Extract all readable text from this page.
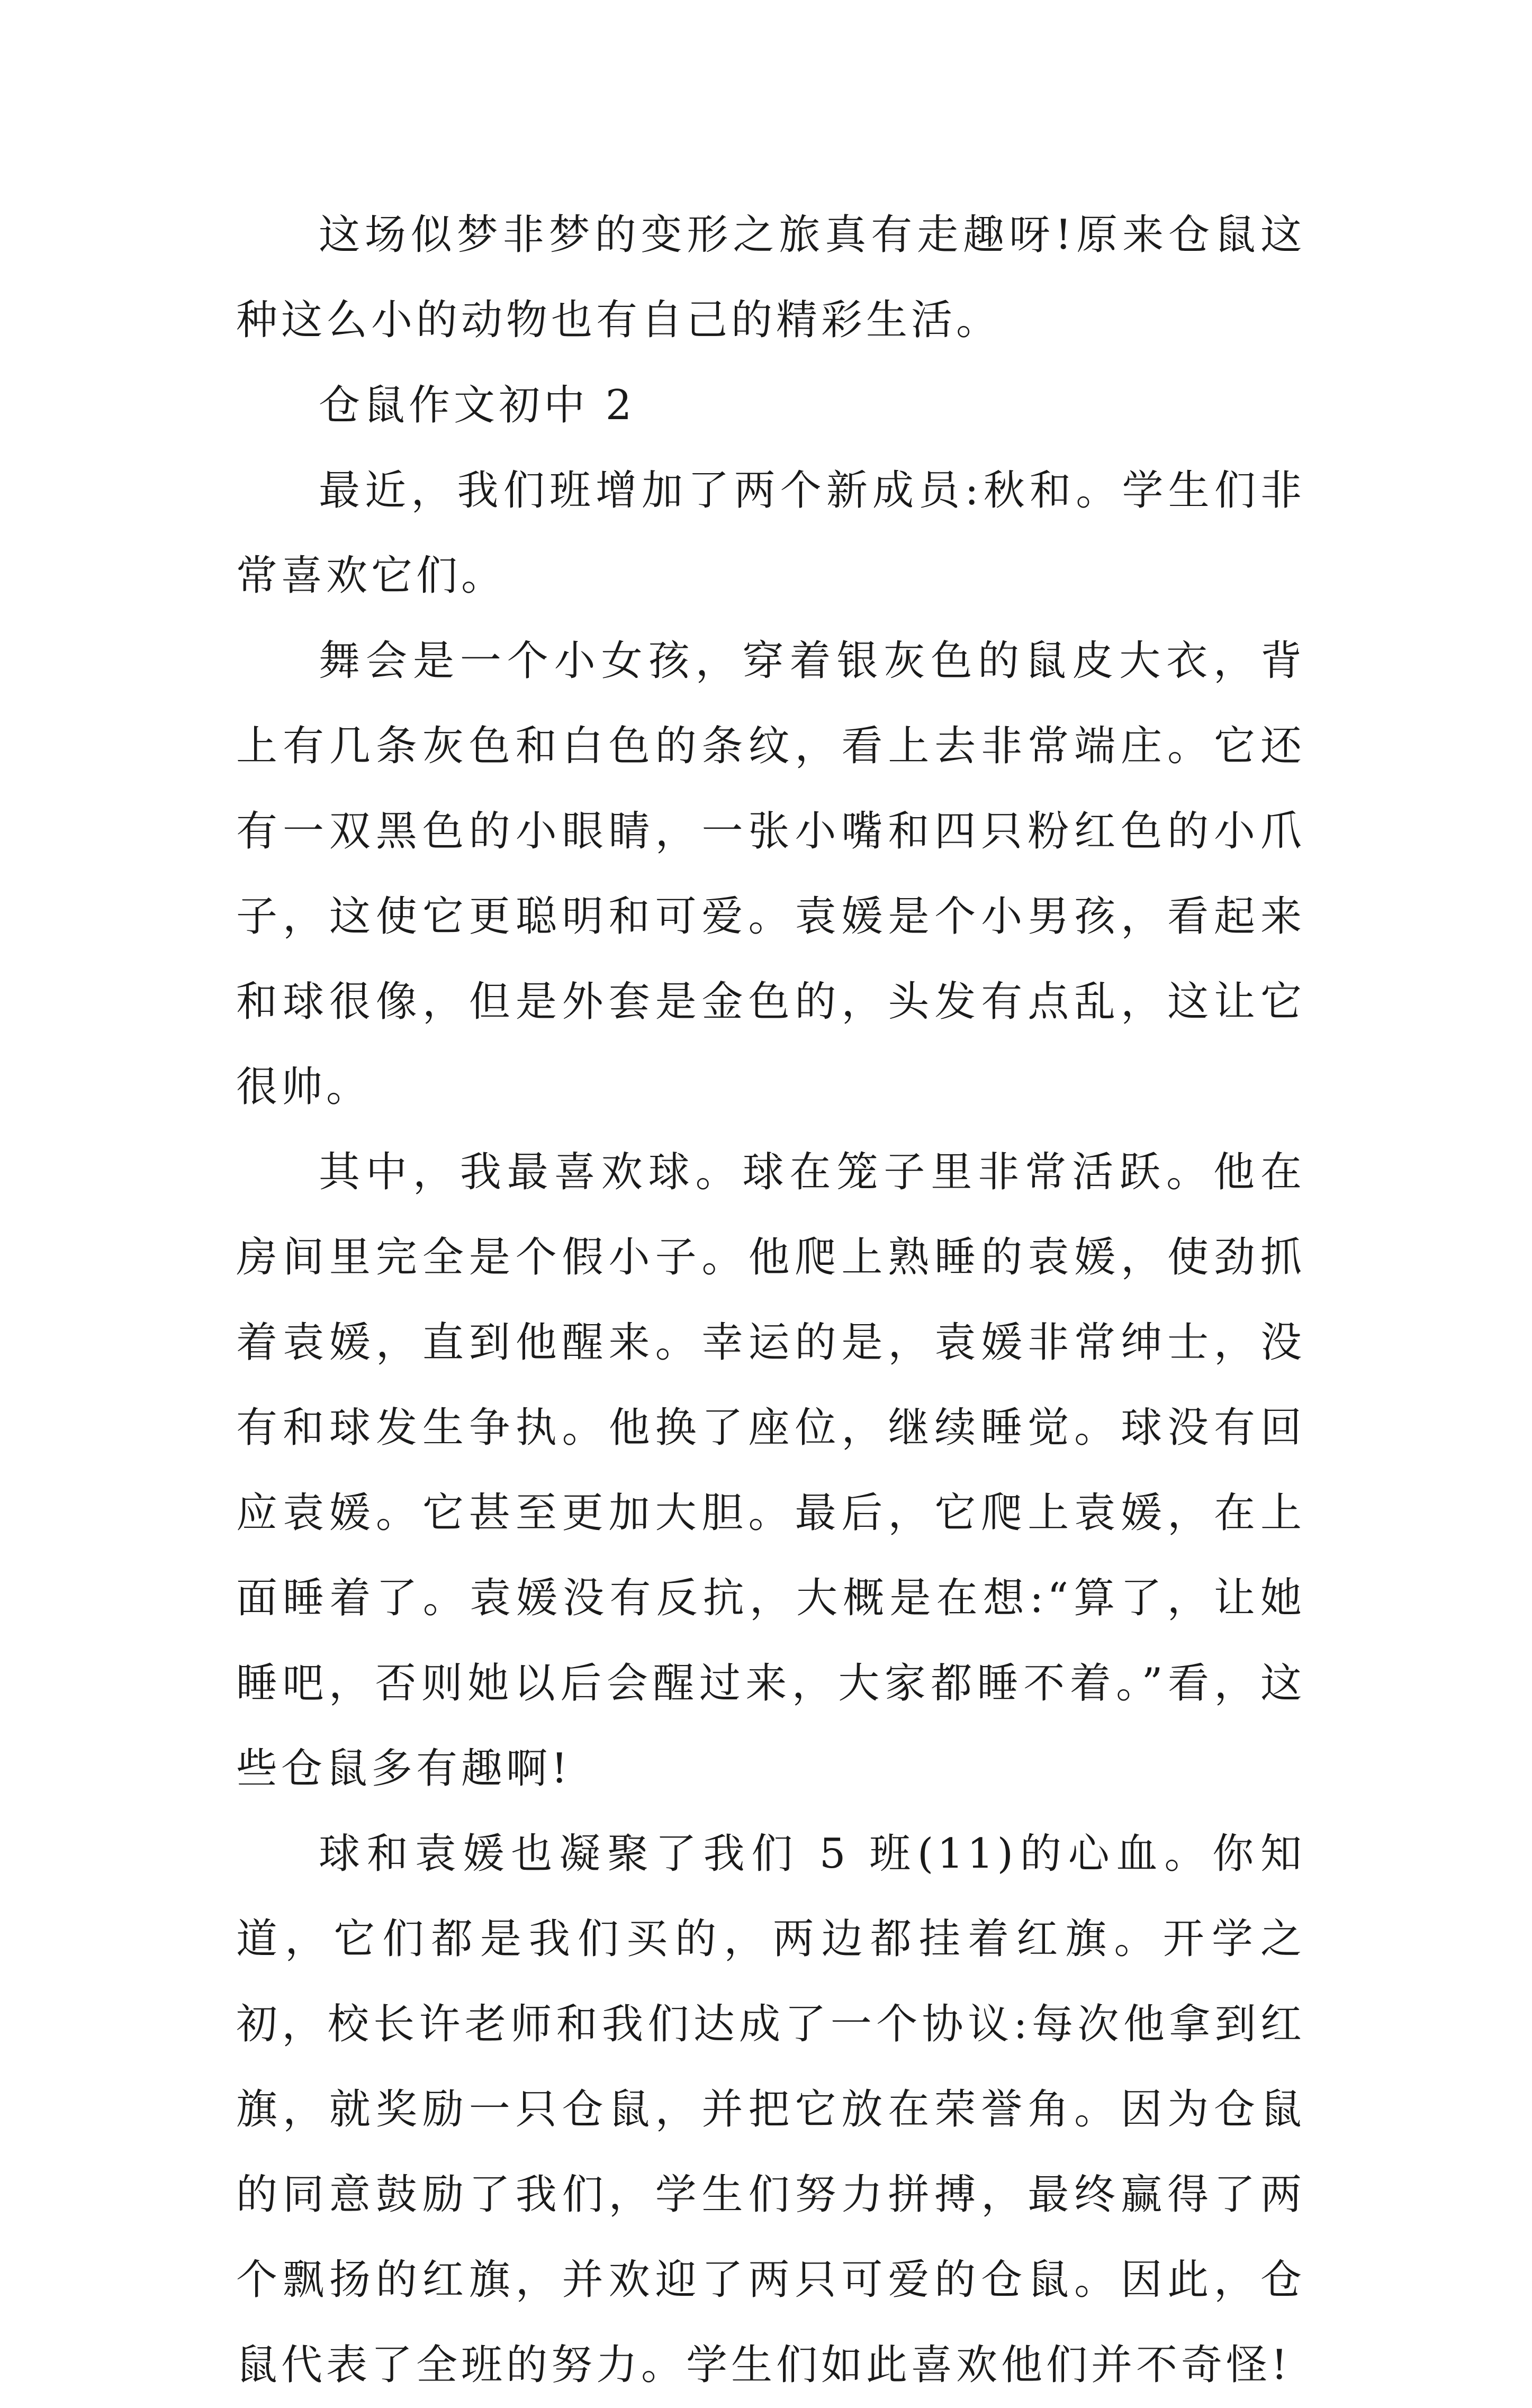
这场似梦非梦的变形之旅真有走趣呀!原来仓鼠这种这么小的动物也有自己的精彩生活。

仓鼠作文初中 2

最近，我们班增加了两个新成员:秋和。学生们非常喜欢它们。

舞会是一个小女孩，穿着银灰色的鼠皮大衣，背上有几条灰色和白色的条纹，看上去非常端庄。它还有一双黑色的小眼睛，一张小嘴和四只粉红色的小爪子，这使它更聪明和可爱。袁媛是个小男孩，看起来和球很像，但是外套是金色的，头发有点乱，这让它很帅。

其中，我最喜欢球。球在笼子里非常活跃。他在房间里完全是个假小子。他爬上熟睡的袁媛，使劲抓着袁媛，直到他醒来。幸运的是，袁媛非常绅士，没有和球发生争执。他换了座位，继续睡觉。球没有回应袁媛。它甚至更加大胆。最后，它爬上袁媛，在上面睡着了。袁媛没有反抗，大概是在想:“算了，让她睡吧，否则她以后会醒过来，大家都睡不着。”看，这些仓鼠多有趣啊!

球和袁媛也凝聚了我们 5 班(11)的心血。你知道，它们都是我们买的，两边都挂着红旗。开学之初，校长许老师和我们达成了一个协议:每次他拿到红旗，就奖励一只仓鼠，并把它放在荣誉角。因为仓鼠的同意鼓励了我们，学生们努力拼搏，最终赢得了两个飘扬的红旗，并欢迎了两只可爱的仓鼠。因此，仓鼠代表了全班的努力。学生们如此喜欢他们并不奇怪!
